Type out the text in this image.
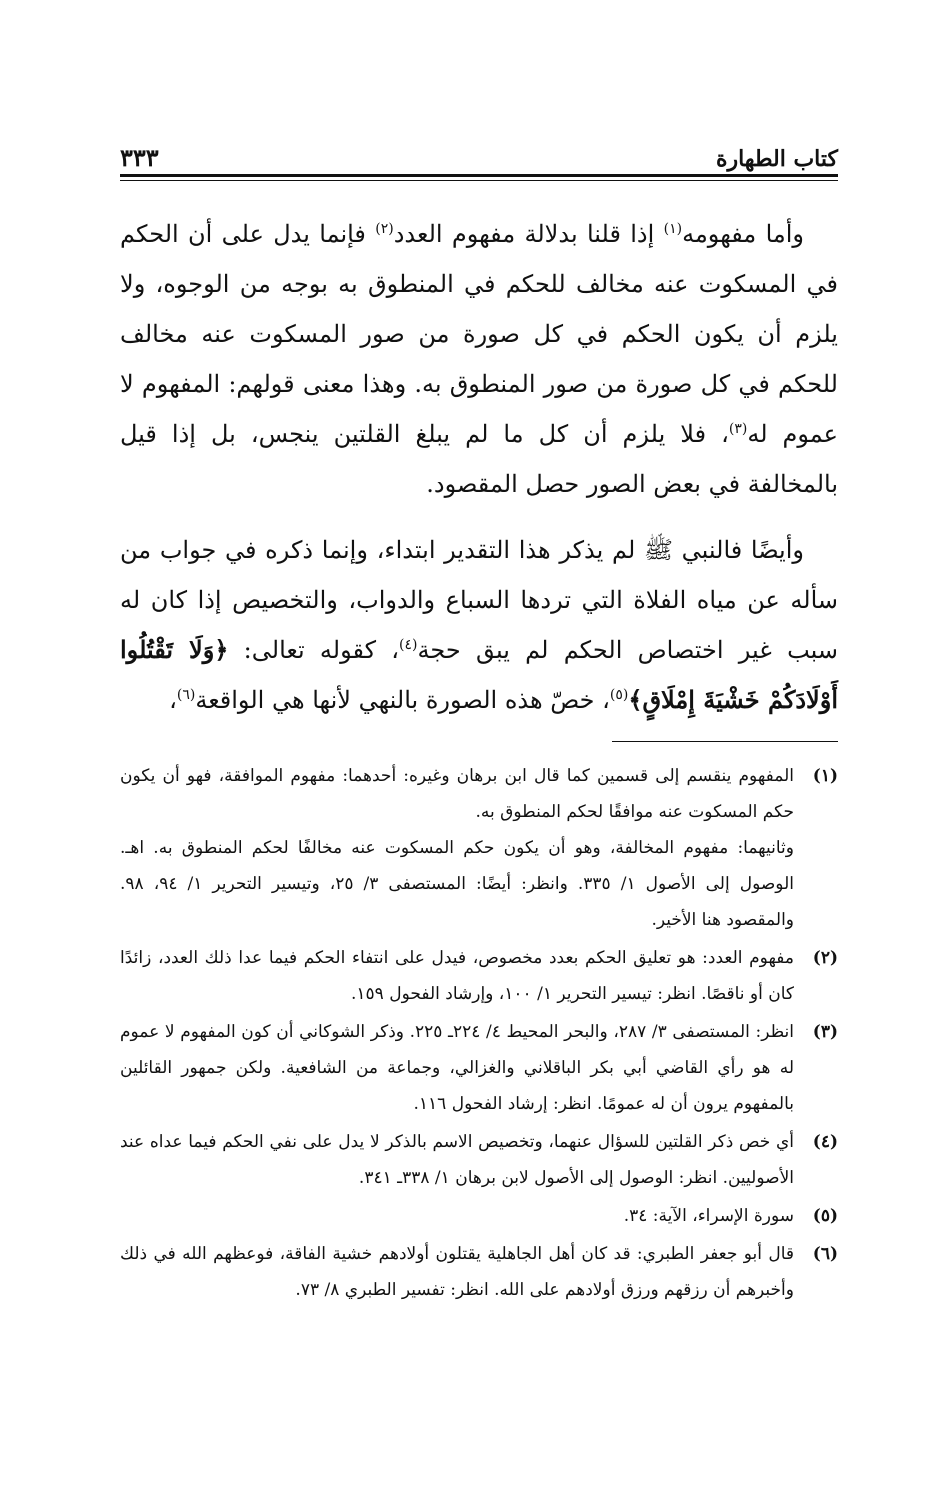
كتاب الطهارة
٣٣٣

وأما مفهومه$^{(١)}$ إذا قلنا بدلالة مفهوم العدد$^{(٢)}$ فإنما يدل على أن الحكم في المسكوت عنه مخالف للحكم في المنطوق به بوجه من الوجوه، ولا يلزم أن يكون الحكم في كل صورة من صور المسكوت عنه مخالف للحكم في كل صورة من صور المنطوق به. وهذا معنى قولهم: المفهوم لا عموم له$^{(٣)}$، فلا يلزم أن كل ما لم يبلغ القلتين ينجس، بل إذا قيل بالمخالفة في بعض الصور حصل المقصود.

وأيضًا فالنبي ﷺ لم يذكر هذا التقدير ابتداء، وإنما ذكره في جواب من سأله عن مياه الفلاة التي تردها السباع والدواب، والتخصيص إذا كان له سبب غير اختصاص الحكم لم يبق حجة$^{(٤)}$، كقوله تعالى: ﴿وَلَا تَقْتُلُوا أَوْلَادَكُمْ خَشْيَةَ إِمْلَاقٍ﴾$^{(٥)}$، خصّ هذه الصورة بالنهي لأنها هي الواقعة$^{(٦)}$،

(١)
المفهوم ينقسم إلى قسمين كما قال ابن برهان وغيره: أحدهما: مفهوم الموافقة، فهو أن يكون حكم المسكوت عنه موافقًا لحكم المنطوق به.
وثانيهما: مفهوم المخالفة، وهو أن يكون حكم المسكوت عنه مخالفًا لحكم المنطوق به. اهـ. الوصول إلى الأصول ١/ ٣٣٥. وانظر: أيضًا: المستصفى ٣/ ٢٥، وتيسير التحرير ١/ ٩٤، ٩٨. والمقصود هنا الأخير.
(٢)
مفهوم العدد: هو تعليق الحكم بعدد مخصوص، فيدل على انتفاء الحكم فيما عدا ذلك العدد، زائدًا كان أو ناقصًا. انظر: تيسير التحرير ١/ ١٠٠، وإرشاد الفحول ١٥٩.
(٣)
انظر: المستصفى ٣/ ٢٨٧، والبحر المحيط ٤/ ٢٢٤ـ ٢٢٥. وذكر الشوكاني أن كون المفهوم لا عموم له هو رأي القاضي أبي بكر الباقلاني والغزالي، وجماعة من الشافعية. ولكن جمهور القائلين بالمفهوم يرون أن له عمومًا. انظر: إرشاد الفحول ١١٦.
(٤)
أي خص ذكر القلتين للسؤال عنهما، وتخصيص الاسم بالذكر لا يدل على نفي الحكم فيما عداه عند الأصوليين. انظر: الوصول إلى الأصول لابن برهان ١/ ٣٣٨ـ ٣٤١.
(٥)
سورة الإسراء، الآية: ٣٤.
(٦)
قال أبو جعفر الطبري: قد كان أهل الجاهلية يقتلون أولادهم خشية الفاقة، فوعظهم الله في ذلك وأخبرهم أن رزقهم ورزق أولادهم على الله. انظر: تفسير الطبري ٨/ ٧٣.
